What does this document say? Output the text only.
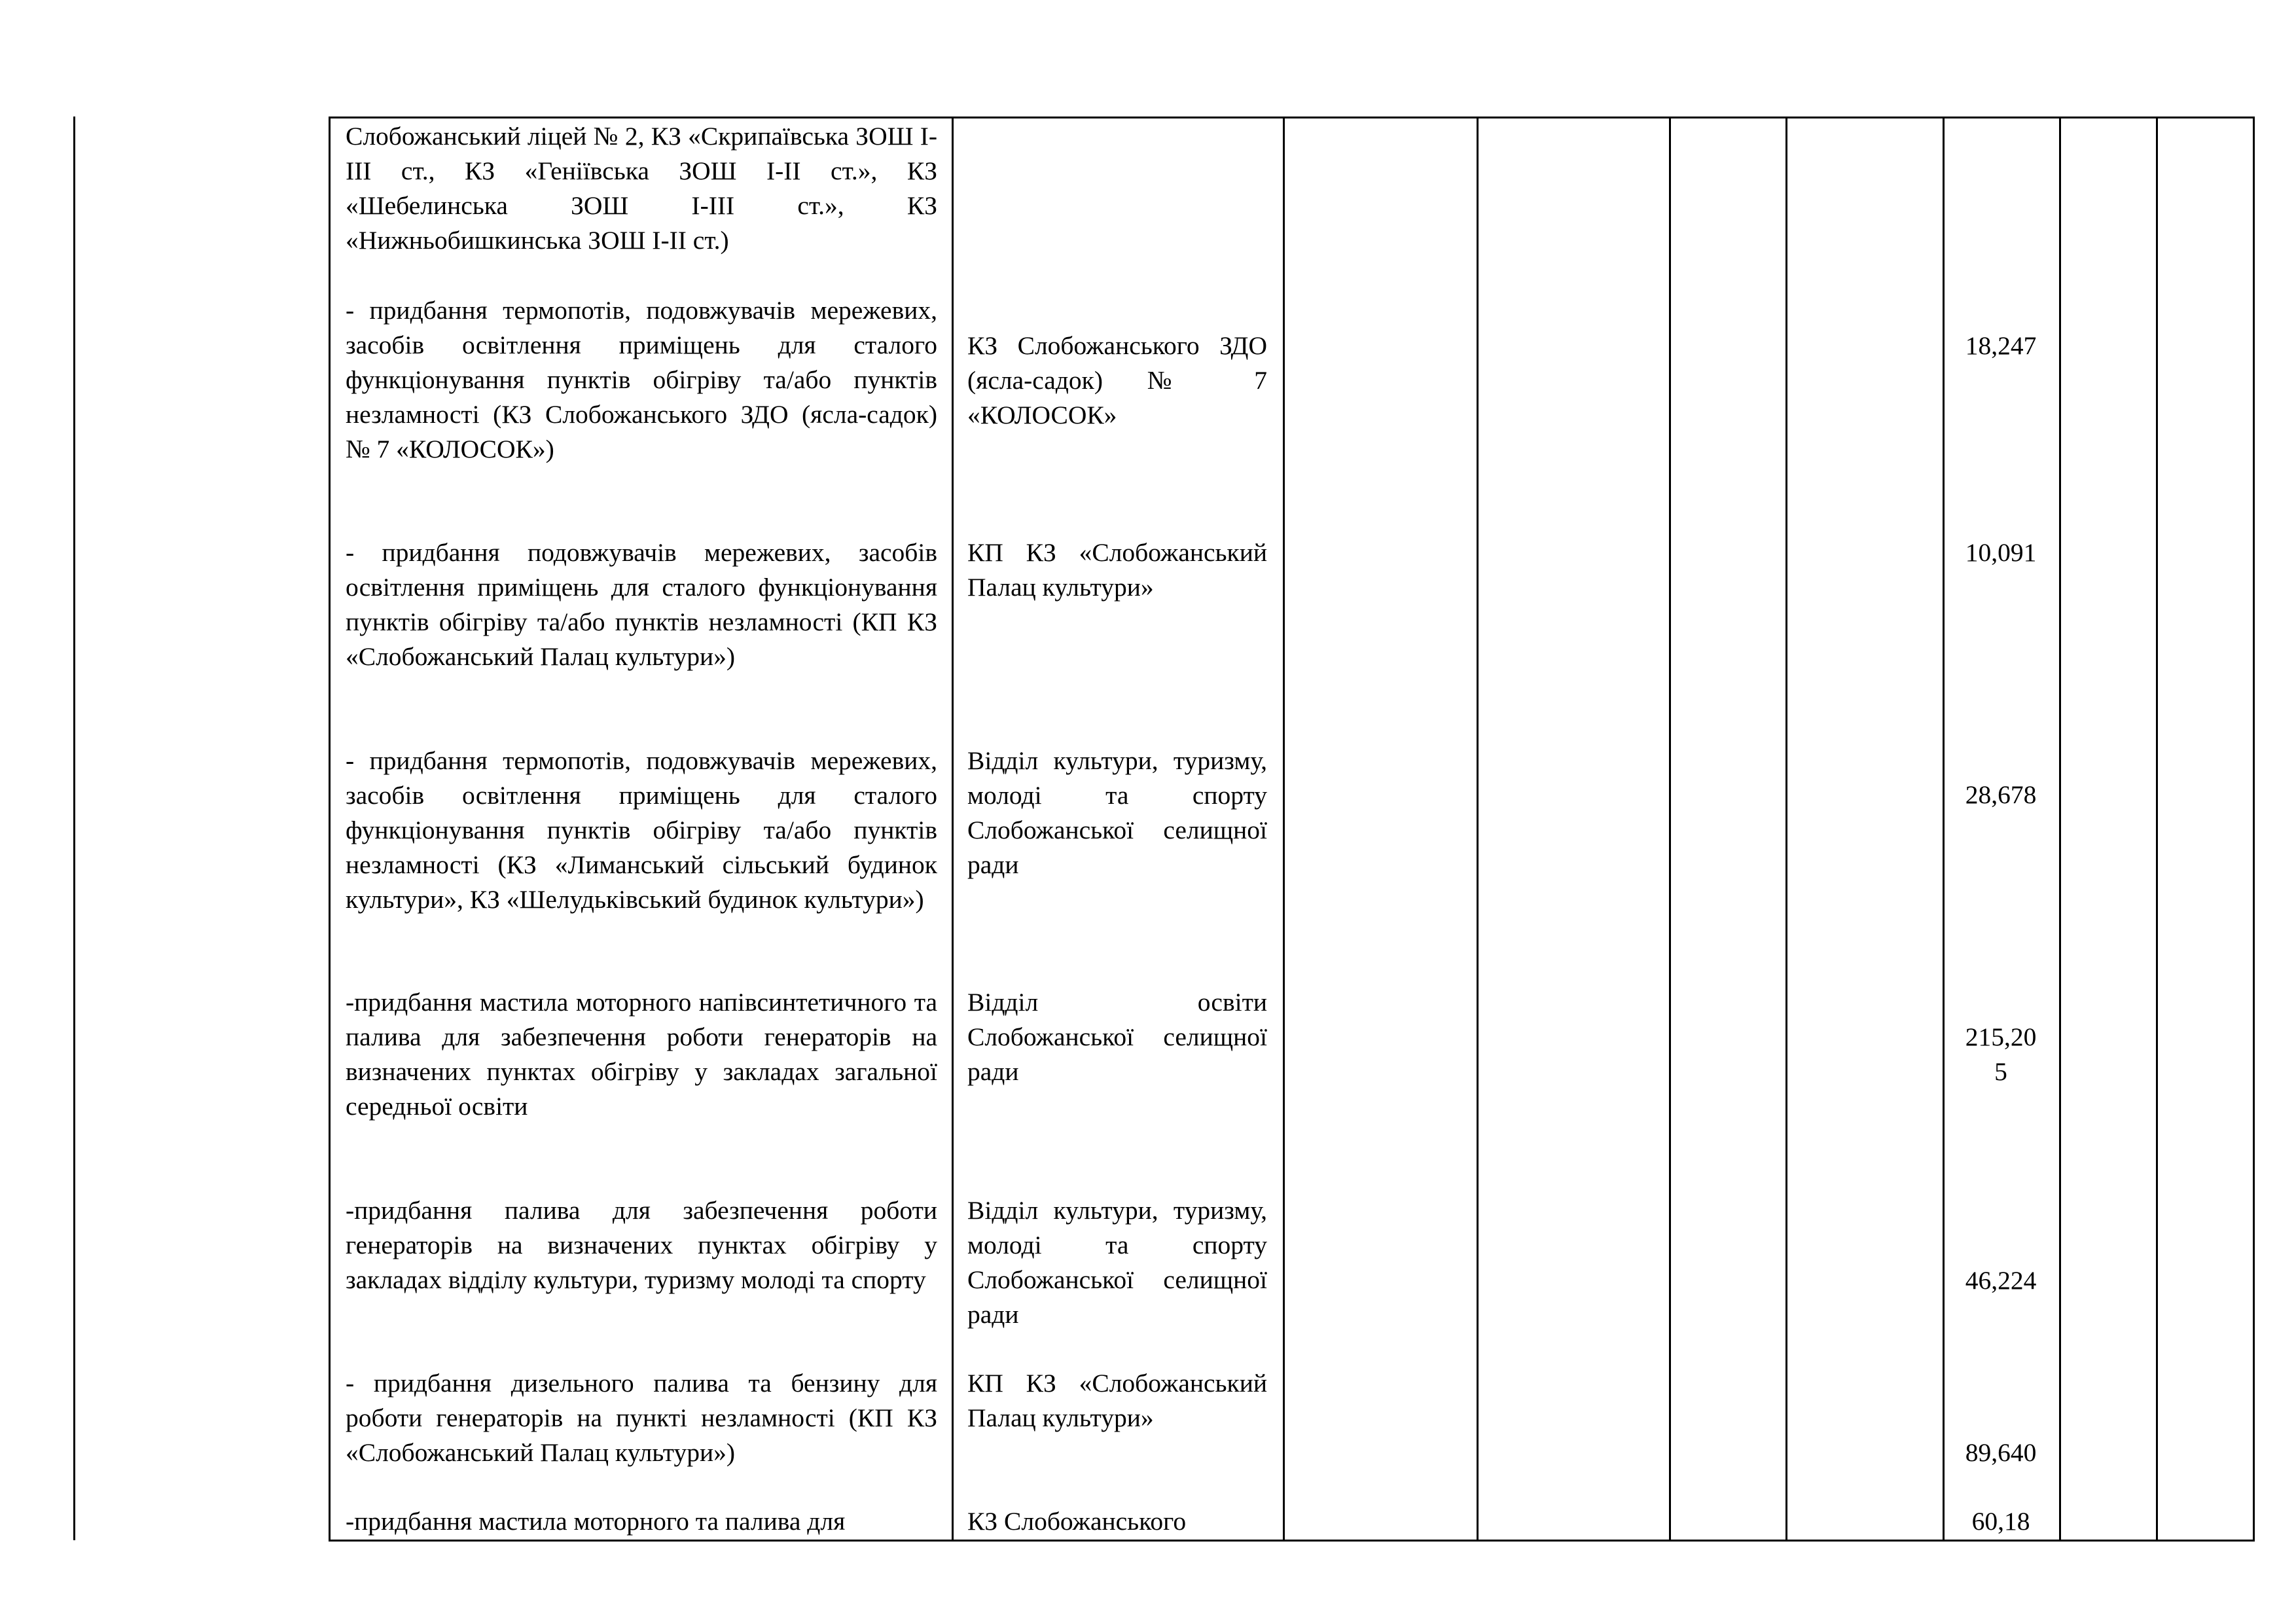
Слобожанський ліцей № 2, КЗ «Скрипаївська ЗОШ І-ІІІ ст., КЗ «Геніївська ЗОШ І-ІІ ст.», КЗ «Шебелинська ЗОШ І-ІІІ ст.», КЗ «Нижньобишкинська ЗОШ І-ІІ ст.)
- придбання термопотів, подовжувачів мережевих, засобів освітлення приміщень для сталого функціонування пунктів обігріву та/або пунктів незламності (КЗ Слобожанського ЗДО (ясла-садок) № 7 «КОЛОСОК»)
КЗ Слобожанського ЗДО (ясла-садок) № 7 «КОЛОСОК»
18,247
- придбання подовжувачів мережевих, засобів освітлення приміщень для сталого функціонування пунктів обігріву та/або пунктів незламності (КП КЗ «Слобожанський Палац культури»)
КП КЗ «Слобожанський Палац культури»
10,091
- придбання термопотів, подовжувачів мережевих, засобів освітлення приміщень для сталого функціонування пунктів обігріву та/або пунктів незламності (КЗ «Лиманський сільський будинок культури», КЗ «Шелудьківський будинок культури»)
Відділ культури, туризму, молоді та спорту Слобожанської селищної ради
28,678
-придбання мастила моторного напівсинтетичного та палива для забезпечення роботи генераторів на визначених пунктах обігріву у закладах загальної середньої освіти
Відділ освіти Слобожанської селищної ради
215,20
5
-придбання палива для забезпечення роботи генераторів на визначених пунктах обігріву у закладах відділу культури, туризму молоді та спорту
Відділ культури, туризму, молоді та спорту Слобожанської селищної ради
46,224
- придбання дизельного палива та бензину для роботи генераторів на пункті незламності (КП КЗ «Слобожанський Палац культури»)
КП КЗ «Слобожанський Палац культури»
89,640
-придбання мастила моторного та палива для	КЗ Слобожанського	60,18
